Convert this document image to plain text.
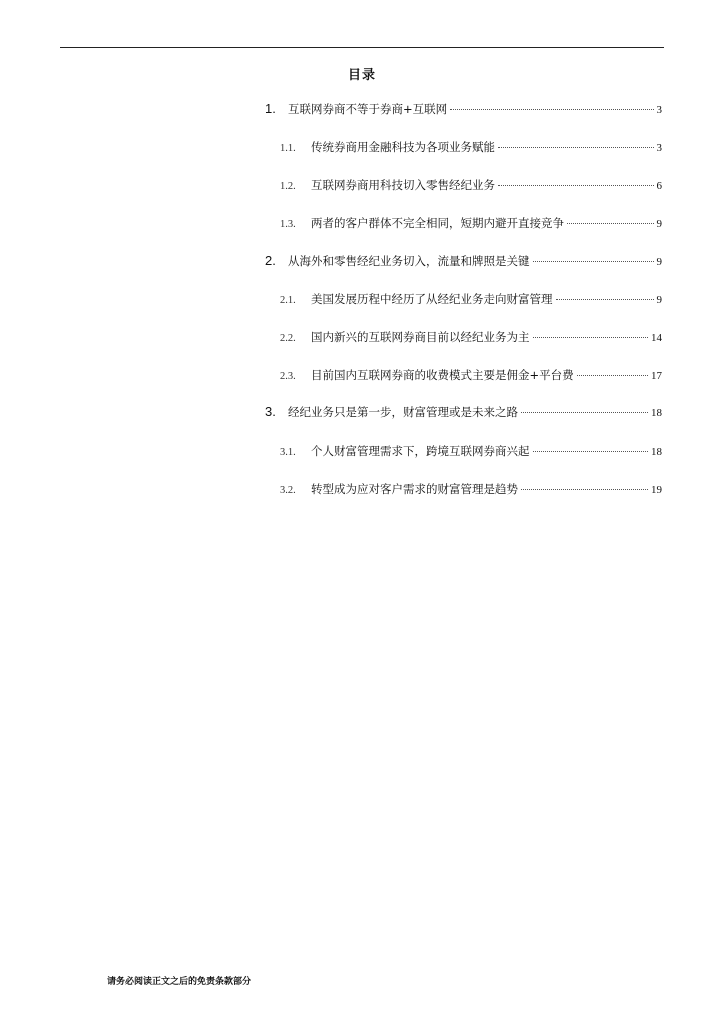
目录
1.	互联网券商不等于券商+互联网	3
1.1.	传统券商用金融科技为各项业务赋能	3
1.2.	互联网券商用科技切入零售经纪业务	6
1.3.	两者的客户群体不完全相同，短期内避开直接竞争	9
2.	从海外和零售经纪业务切入，流量和牌照是关键	9
2.1.	美国发展历程中经历了从经纪业务走向财富管理	9
2.2.	国内新兴的互联网券商目前以经纪业务为主	14
2.3.	目前国内互联网券商的收费模式主要是佣金+平台费	17
3.	经纪业务只是第一步，财富管理或是未来之路	18
3.1.	个人财富管理需求下，跨境互联网券商兴起	18
3.2.	转型成为应对客户需求的财富管理是趋势	19
请务必阅读正文之后的免责条款部分
